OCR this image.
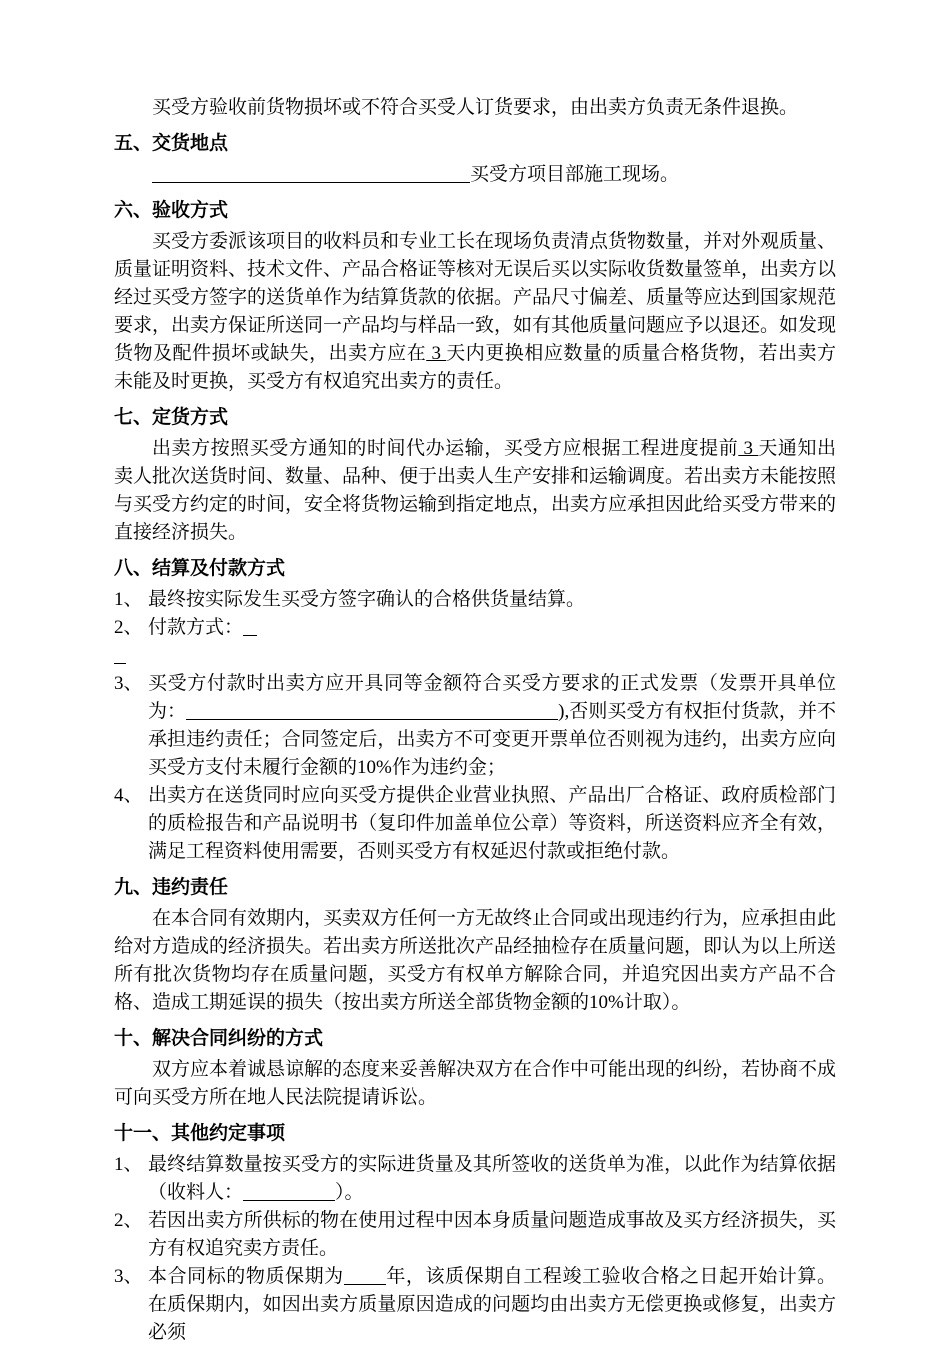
买受方验收前货物损坏或不符合买受人订货要求，由出卖方负责无条件退换。
五、交货地点
买受方项目部施工现场。
六、验收方式
买受方委派该项目的收料员和专业工长在现场负责清点货物数量，并对外观质量、质量证明资料、技术文件、产品合格证等核对无误后买以实际收货数量签单，出卖方以经过买受方签字的送货单作为结算货款的依据。产品尺寸偏差、质量等应达到国家规范要求，出卖方保证所送同一产品均与样品一致，如有其他质量问题应予以退还。如发现货物及配件损坏或缺失，出卖方应在 3 天内更换相应数量的质量合格货物，若出卖方未能及时更换，买受方有权追究出卖方的责任。
七、定货方式
出卖方按照买受方通知的时间代办运输，买受方应根据工程进度提前 3 天通知出卖人批次送货时间、数量、品种、便于出卖人生产安排和运输调度。若出卖方未能按照与买受方约定的时间，安全将货物运输到指定地点，出卖方应承担因此给买受方带来的直接经济损失。
八、结算及付款方式
1、 最终按实际发生买受方签字确认的合格供货量结算。
2、 付款方式：
3、 买受方付款时出卖方应开具同等金额符合买受方要求的正式发票（发票开具单位为：	),否则买受方有权拒付货款，并不承担违约责任；合同签定后，出卖方不可变更开票单位否则视为违约，出卖方应向买受方支付未履行金额的10%作为违约金；
4、 出卖方在送货同时应向买受方提供企业营业执照、产品出厂合格证、政府质检部门的质检报告和产品说明书（复印件加盖单位公章）等资料，所送资料应齐全有效，满足工程资料使用需要，否则买受方有权延迟付款或拒绝付款。
九、违约责任
在本合同有效期内，买卖双方任何一方无故终止合同或出现违约行为，应承担由此给对方造成的经济损失。若出卖方所送批次产品经抽检存在质量问题，即认为以上所送所有批次货物均存在质量问题，买受方有权单方解除合同，并追究因出卖方产品不合格、造成工期延误的损失（按出卖方所送全部货物金额的10%计取）。
十、解决合同纠纷的方式
双方应本着诚恳谅解的态度来妥善解决双方在合作中可能出现的纠纷，若协商不成可向买受方所在地人民法院提请诉讼。
十一、其他约定事项
1、 最终结算数量按买受方的实际进货量及其所签收的送货单为准，以此作为结算依据（收料人：	）。
2、 若因出卖方所供标的物在使用过程中因本身质量问题造成事故及买方经济损失，买方有权追究卖方责任。
3、 本合同标的物质保期为 年，该质保期自工程竣工验收合格之日起开始计算。在质保期内，如因出卖方质量原因造成的问题均由出卖方无偿更换或修复，出卖方必须
